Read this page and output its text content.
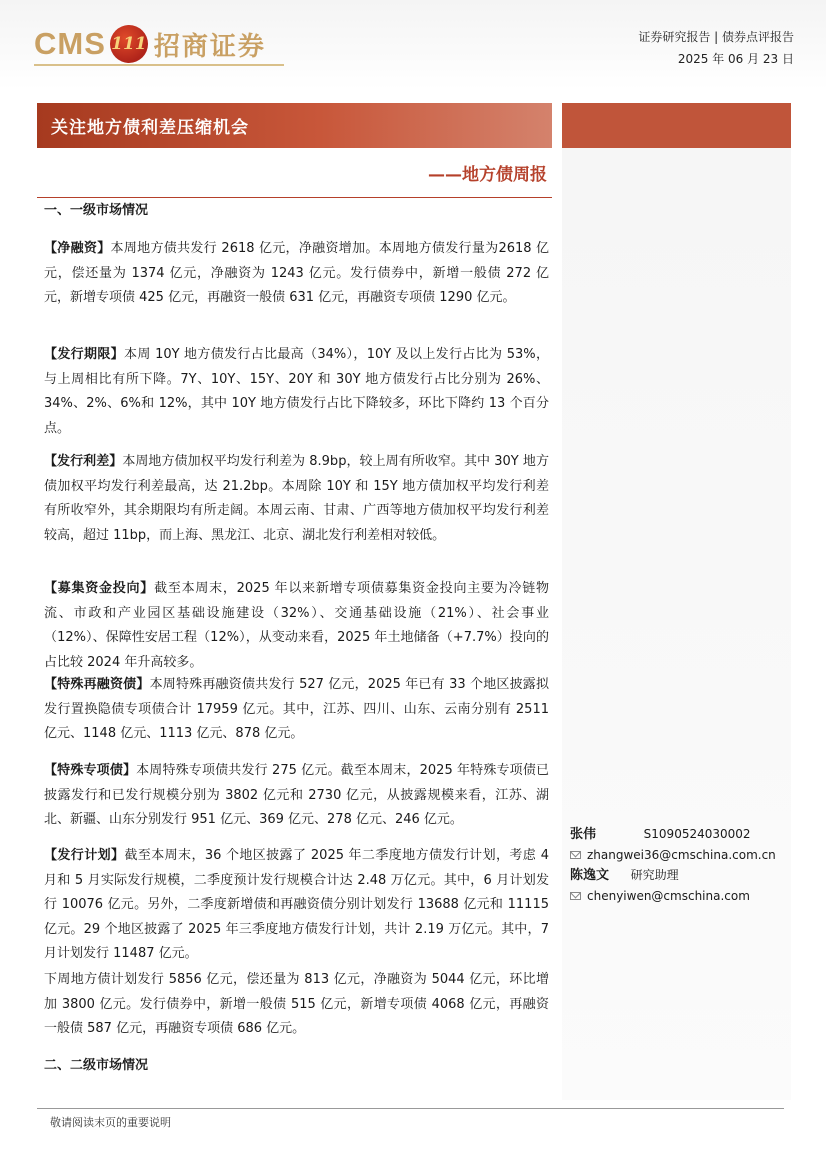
CMS 111 招商证券	证券研究报告 | 债券点评报告
2025 年 06 月 23 日
关注地方债利差压缩机会
——地方债周报
一、一级市场情况
【净融资】本周地方债共发行 2618 亿元，净融资增加。本周地方债发行量为2618 亿元，偿还量为 1374 亿元，净融资为 1243 亿元。发行债券中，新增一般债 272 亿元，新增专项债 425 亿元，再融资一般债 631 亿元，再融资专项债 1290 亿元。
【发行期限】本周 10Y 地方债发行占比最高（34%），10Y 及以上发行占比为 53%，与上周相比有所下降。7Y、10Y、15Y、20Y 和 30Y 地方债发行占比分别为 26%、34%、2%、6%和 12%，其中 10Y 地方债发行占比下降较多，环比下降约 13 个百分点。
【发行利差】本周地方债加权平均发行利差为 8.9bp，较上周有所收窄。其中 30Y 地方债加权平均发行利差最高，达 21.2bp。本周除 10Y 和 15Y 地方债加权平均发行利差有所收窄外，其余期限均有所走阔。本周云南、甘肃、广西等地方债加权平均发行利差较高，超过 11bp，而上海、黑龙江、北京、湖北发行利差相对较低。
【募集资金投向】截至本周末，2025 年以来新增专项债募集资金投向主要为冷链物流、市政和产业园区基础设施建设（32%）、交通基础设施（21%）、社会事业（12%）、保障性安居工程（12%），从变动来看，2025 年土地储备（+7.7%）投向的占比较 2024 年升高较多。
【特殊再融资债】本周特殊再融资债共发行 527 亿元，2025 年已有 33 个地区披露拟发行置换隐债专项债合计 17959 亿元。其中，江苏、四川、山东、云南分别有 2511 亿元、1148 亿元、1113 亿元、878 亿元。
【特殊专项债】本周特殊专项债共发行 275 亿元。截至本周末，2025 年特殊专项债已披露发行和已发行规模分别为 3802 亿元和 2730 亿元，从披露规模来看，江苏、湖北、新疆、山东分别发行 951 亿元、369 亿元、278 亿元、246 亿元。
【发行计划】截至本周末，36 个地区披露了 2025 年二季度地方债发行计划，考虑 4 月和 5 月实际发行规模，二季度预计发行规模合计达 2.48 万亿元。其中，6 月计划发行 10076 亿元。另外，二季度新增债和再融资债分别计划发行 13688 亿元和 11115 亿元。29 个地区披露了 2025 年三季度地方债发行计划，共计 2.19 万亿元。其中，7 月计划发行 11487 亿元。
下周地方债计划发行 5856 亿元，偿还量为 813 亿元，净融资为 5044 亿元，环比增加 3800 亿元。发行债券中，新增一般债 515 亿元，新增专项债 4068 亿元，再融资一般债 587 亿元，再融资专项债 686 亿元。
二、二级市场情况
张伟	S1090524030002
zhangwei36@cmschina.com.cn
陈逸文 研究助理
chenyiwen@cmschina.com
敬请阅读末页的重要说明
